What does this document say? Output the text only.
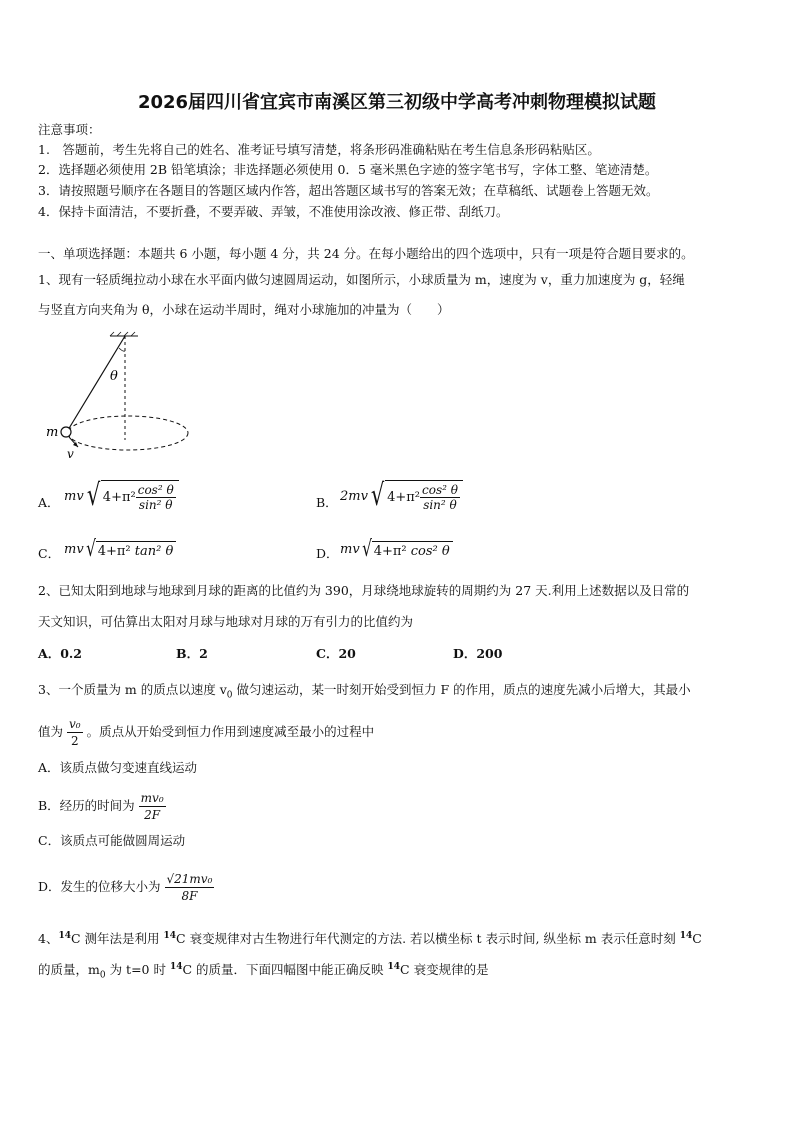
2026届四川省宜宾市南溪区第三初级中学高考冲刺物理模拟试题
注意事项：
1.　答题前，考生先将自己的姓名、准考证号填写清楚，将条形码准确粘贴在考生信息条形码粘贴区。
2．选择题必须使用 2B 铅笔填涂；非选择题必须使用 0．5 毫米黑色字迹的签字笔书写，字体工整、笔迹清楚。
3．请按照题号顺序在各题目的答题区域内作答，超出答题区域书写的答案无效；在草稿纸、试题卷上答题无效。
4．保持卡面清洁，不要折叠，不要弄破、弄皱，不准使用涂改液、修正带、刮纸刀。
一、单项选择题：本题共 6 小题，每小题 4 分，共 24 分。在每小题给出的四个选项中，只有一项是符合题目要求的。
1、现有一轻质绳拉动小球在水平面内做匀速圆周运动，如图所示，小球质量为 m，速度为 v，重力加速度为 g，轻绳
与竖直方向夹角为 θ，小球在运动半周时，绳对小球施加的冲量为（　　）
θ
m
v
A． mv √ $4+\pi^2 \frac{\text{cos² θ}}{\text{sin² θ}}$	B． 2mv √ $4+\pi^2 \frac{\text{cos² θ}}{\text{sin² θ}}$
C． mv √ 4+π²
tan² θ	D． mv √ 4+π²
cos² θ
2、已知太阳到地球与地球到月球的距离的比值约为 390，月球绕地球旋转的周期约为 27 天.利用上述数据以及日常的
天文知识，可估算出太阳对月球与地球对月球的万有引力的比值约为
A．0.2	B．2	C．20	D．200
3、一个质量为 m 的质点以速度 $v_0$ 做匀速运动，某一时刻开始受到恒力 F 的作用，质点的速度先减小后增大，其最小
值为 $\frac{\text{v₀}}{2}$ 。质点从开始受到恒力作用到速度减至最小的过程中
A．该质点做匀变速直线运动
B．经历的时间为 $\frac{\text{mv₀}}{2F}$
C．该质点可能做圆周运动
D．发生的位移大小为 $\frac{\text{√21mv₀}}{8F}$
4、$^{14}$C 测年法是利用 $^{14}$C 衰变规律对古生物进行年代测定的方法. 若以横坐标 t 表示时间, 纵坐标 m 表示任意时刻 $^{14}$C
的质量，$m_0$ 为 t=0 时 $^{14}$C 的质量．下面四幅图中能正确反映 $^{14}$C 衰变规律的是
